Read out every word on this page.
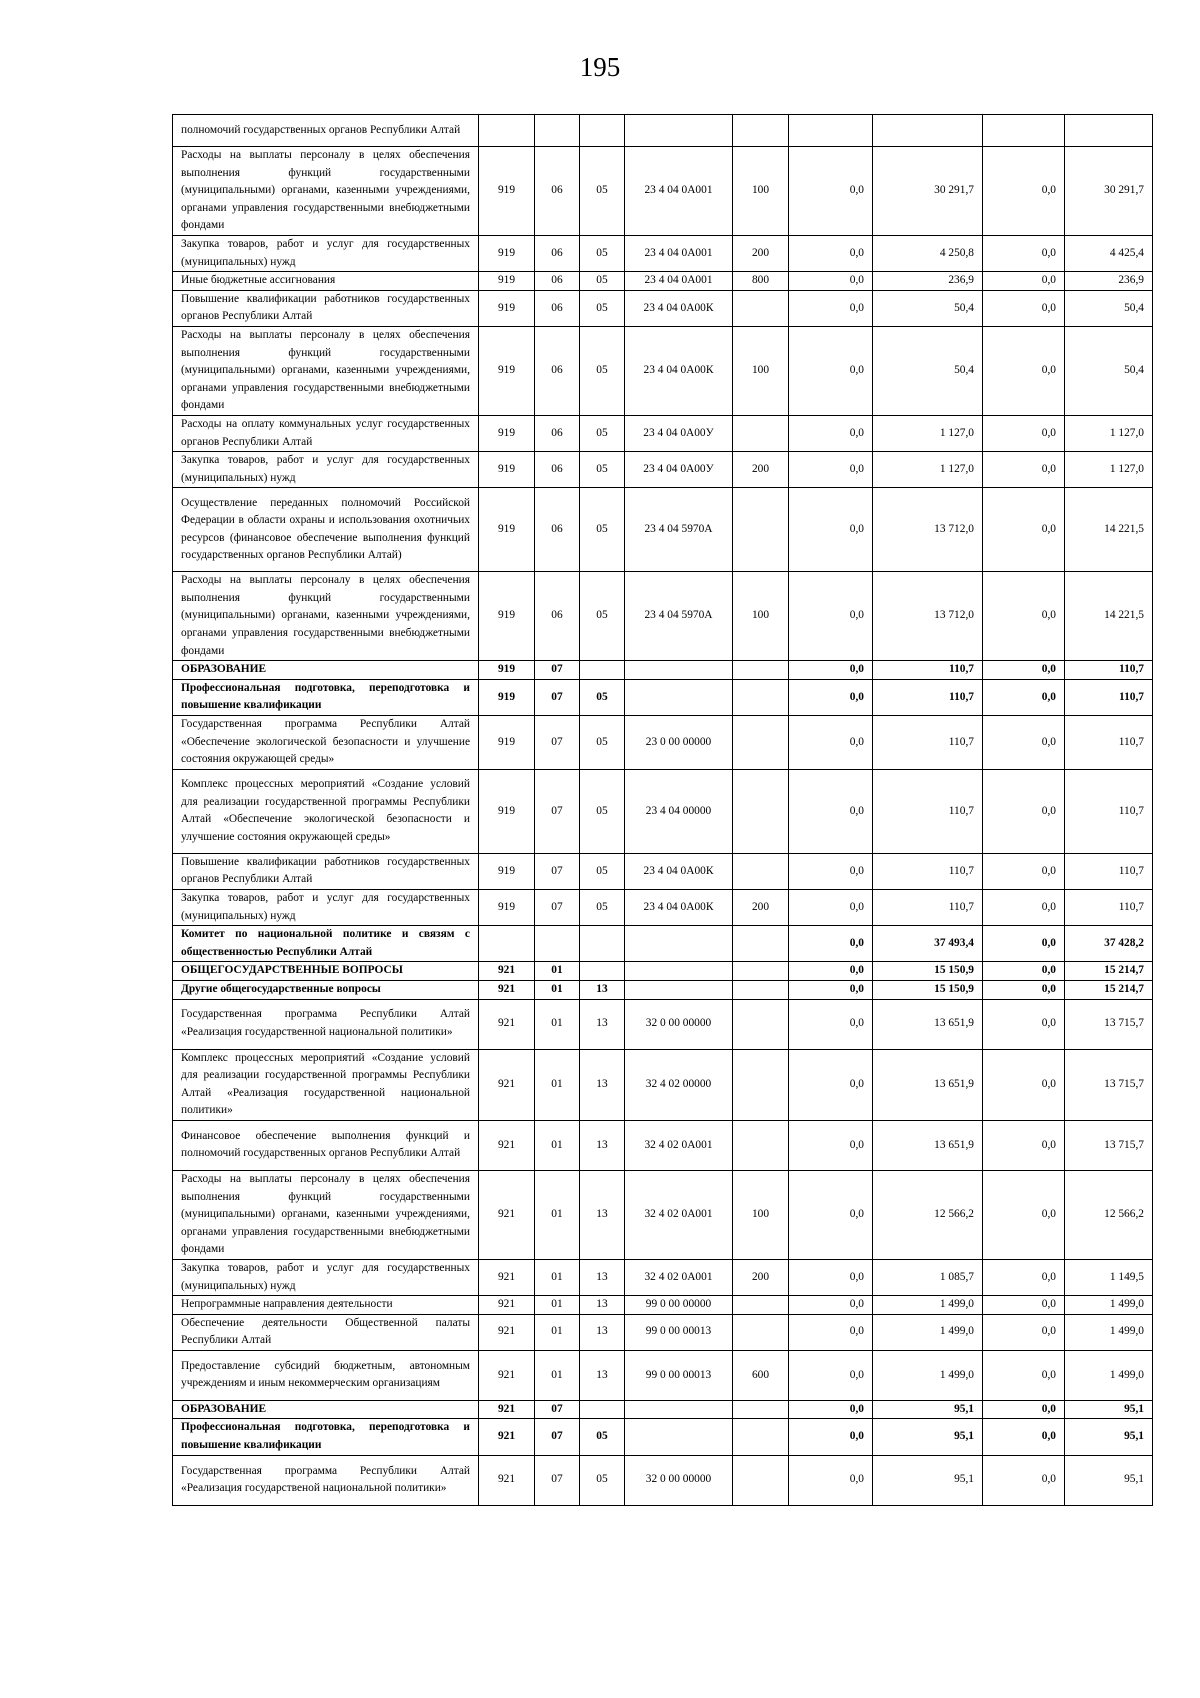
195
полномочий государственных органов Республики Алтай									
Расходы на выплаты персоналу в целях обеспечения выполнения функций государственными (муниципальными) органами, казенными учреждениями, органами управления государственными внебюджетными фондами	919	06	05	23 4 04 0А001	100	0,0	30 291,7	0,0	30 291,7
Закупка товаров, работ и услуг для государственных (муниципальных) нужд	919	06	05	23 4 04 0А001	200	0,0	4 250,8	0,0	4 425,4
Иные бюджетные ассигнования	919	06	05	23 4 04 0А001	800	0,0	236,9	0,0	236,9
Повышение квалификации работников государственных органов Республики Алтай	919	06	05	23 4 04 0А00К		0,0	50,4	0,0	50,4
Расходы на выплаты персоналу в целях обеспечения выполнения функций государственными (муниципальными) органами, казенными учреждениями, органами управления государственными внебюджетными фондами	919	06	05	23 4 04 0А00К	100	0,0	50,4	0,0	50,4
Расходы на оплату коммунальных услуг государственных органов Республики Алтай	919	06	05	23 4 04 0А00У		0,0	1 127,0	0,0	1 127,0
Закупка товаров, работ и услуг для государственных (муниципальных) нужд	919	06	05	23 4 04 0А00У	200	0,0	1 127,0	0,0	1 127,0
Осуществление переданных полномочий Российской Федерации в области охраны и использования охотничьих ресурсов (финансовое обеспечение выполнения функций государственных органов Республики Алтай)	919	06	05	23 4 04 5970А		0,0	13 712,0	0,0	14 221,5
Расходы на выплаты персоналу в целях обеспечения выполнения функций государственными (муниципальными) органами, казенными учреждениями, органами управления государственными внебюджетными фондами	919	06	05	23 4 04 5970А	100	0,0	13 712,0	0,0	14 221,5
ОБРАЗОВАНИЕ	919	07				0,0	110,7	0,0	110,7
Профессиональная подготовка, переподготовка и повышение квалификации	919	07	05			0,0	110,7	0,0	110,7
Государственная программа Республики Алтай «Обеспечение экологической безопасности и улучшение состояния окружающей среды»	919	07	05	23 0 00 00000		0,0	110,7	0,0	110,7
Комплекс процессных мероприятий «Создание условий для реализации государственной программы Республики Алтай «Обеспечение экологической безопасности и улучшение состояния окружающей среды»	919	07	05	23 4 04 00000		0,0	110,7	0,0	110,7
Повышение квалификации работников государственных органов Республики Алтай	919	07	05	23 4 04 0А00К		0,0	110,7	0,0	110,7
Закупка товаров, работ и услуг для государственных (муниципальных) нужд	919	07	05	23 4 04 0А00К	200	0,0	110,7	0,0	110,7
Комитет по национальной политике и связям с общественностью Республики Алтай						0,0	37 493,4	0,0	37 428,2
ОБЩЕГОСУДАРСТВЕННЫЕ ВОПРОСЫ	921	01				0,0	15 150,9	0,0	15 214,7
Другие общегосударственные вопросы	921	01	13			0,0	15 150,9	0,0	15 214,7
Государственная программа Республики Алтай «Реализация государственной национальной политики»	921	01	13	32 0 00 00000		0,0	13 651,9	0,0	13 715,7
Комплекс процессных мероприятий «Создание условий для реализации государственной программы Республики Алтай «Реализация государственной национальной политики»	921	01	13	32 4 02 00000		0,0	13 651,9	0,0	13 715,7
Финансовое обеспечение выполнения функций и полномочий государственных органов Республики Алтай	921	01	13	32 4 02 0А001		0,0	13 651,9	0,0	13 715,7
Расходы на выплаты персоналу в целях обеспечения выполнения функций государственными (муниципальными) органами, казенными учреждениями, органами управления государственными внебюджетными фондами	921	01	13	32 4 02 0А001	100	0,0	12 566,2	0,0	12 566,2
Закупка товаров, работ и услуг для государственных (муниципальных) нужд	921	01	13	32 4 02 0А001	200	0,0	1 085,7	0,0	1 149,5
Непрограммные направления деятельности	921	01	13	99 0 00 00000		0,0	1 499,0	0,0	1 499,0
Обеспечение деятельности Общественной палаты Республики Алтай	921	01	13	99 0 00 00013		0,0	1 499,0	0,0	1 499,0
Предоставление субсидий бюджетным, автономным учреждениям и иным некоммерческим организациям	921	01	13	99 0 00 00013	600	0,0	1 499,0	0,0	1 499,0
ОБРАЗОВАНИЕ	921	07				0,0	95,1	0,0	95,1
Профессиональная подготовка, переподготовка и повышение квалификации	921	07	05			0,0	95,1	0,0	95,1
Государственная программа Республики Алтай «Реализация государственой национальной политики»	921	07	05	32 0 00 00000		0,0	95,1	0,0	95,1
